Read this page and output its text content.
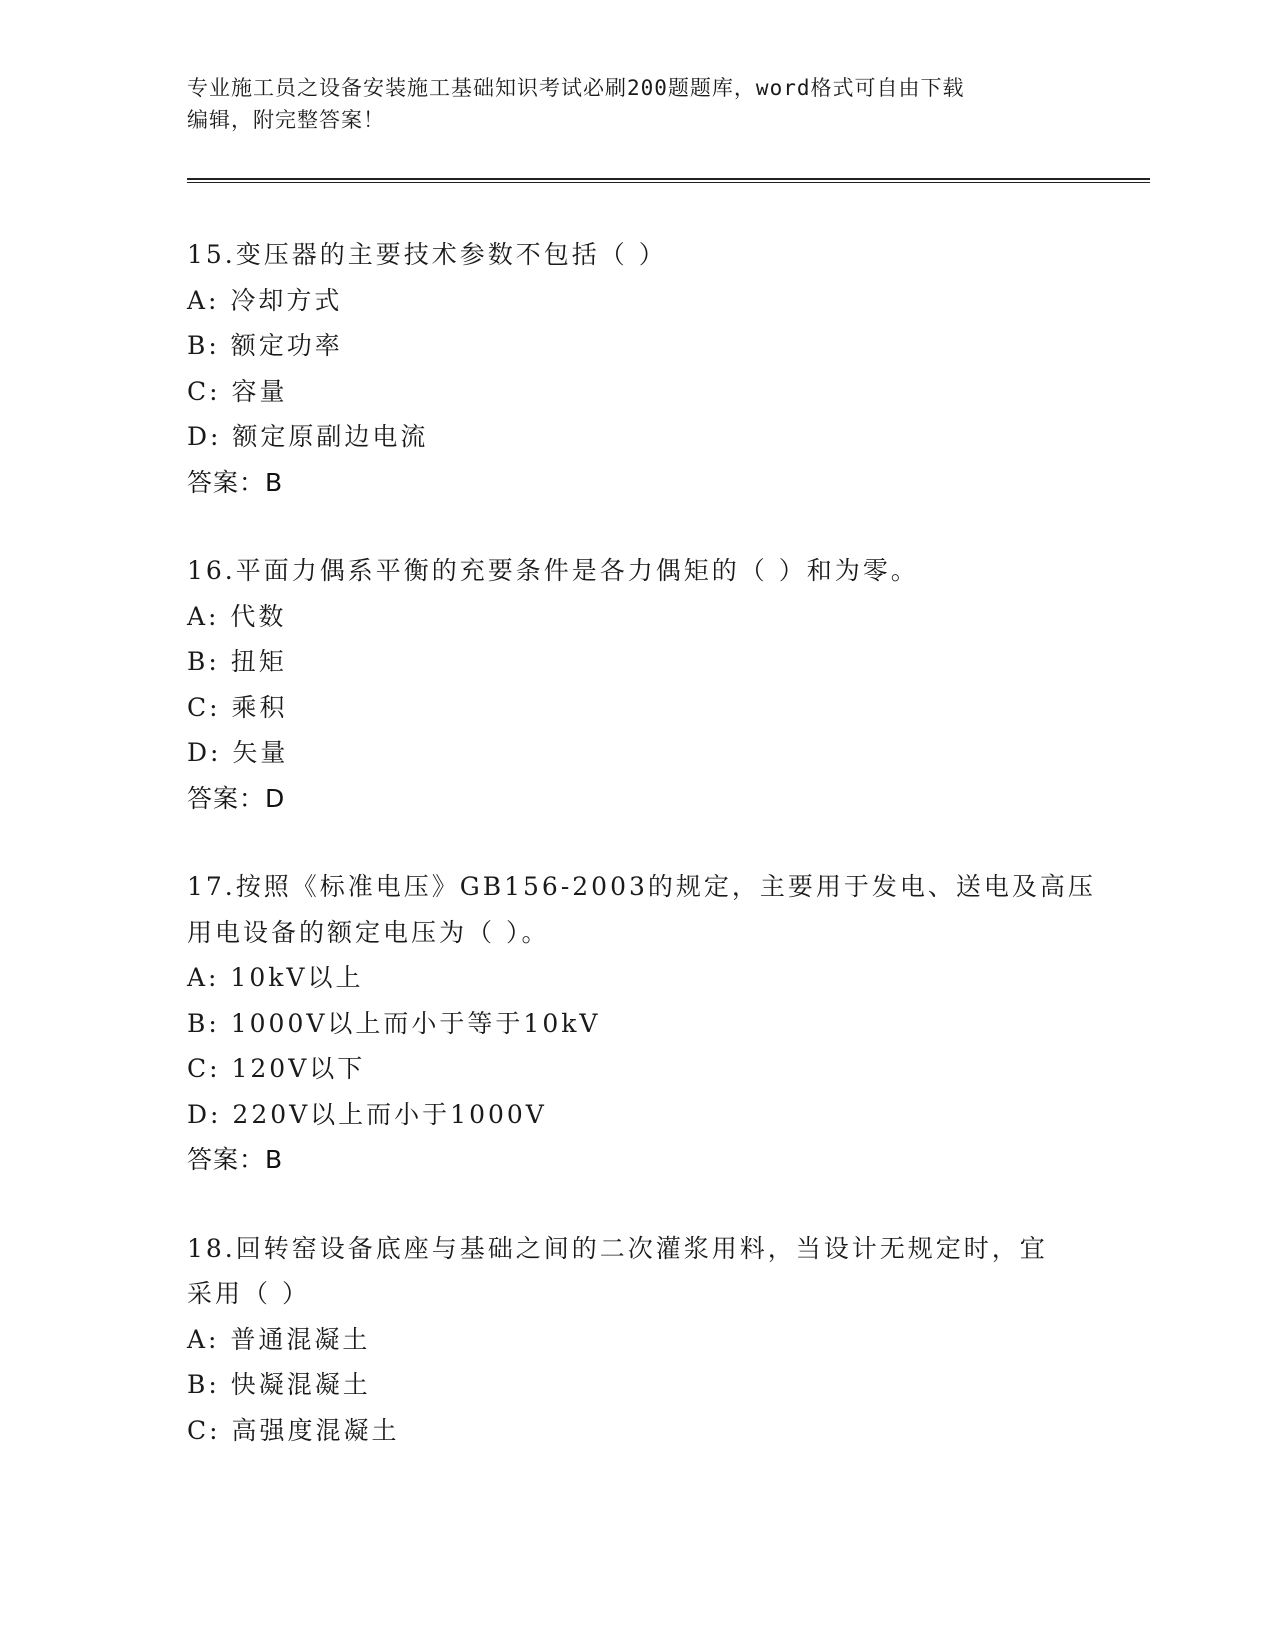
专业施工员之设备安装施工基础知识考试必刷200题题库，word格式可自由下载
编辑，附完整答案！
15.变压器的主要技术参数不包括（ ）
A: 冷却方式
B: 额定功率
C: 容量
D: 额定原副边电流
答案：B
16.平面力偶系平衡的充要条件是各力偶矩的（ ）和为零。
A: 代数
B: 扭矩
C: 乘积
D: 矢量
答案：D
17.按照《标准电压》GB156-2003的规定，主要用于发电、送电及高压
用电设备的额定电压为（ ）。
A: 10kV以上
B: 1000V以上而小于等于10kV
C: 120V以下
D: 220V以上而小于1000V
答案：B
18.回转窑设备底座与基础之间的二次灌浆用料，当设计无规定时，宜
采用（ ）
A: 普通混凝土
B: 快凝混凝土
C: 高强度混凝土
